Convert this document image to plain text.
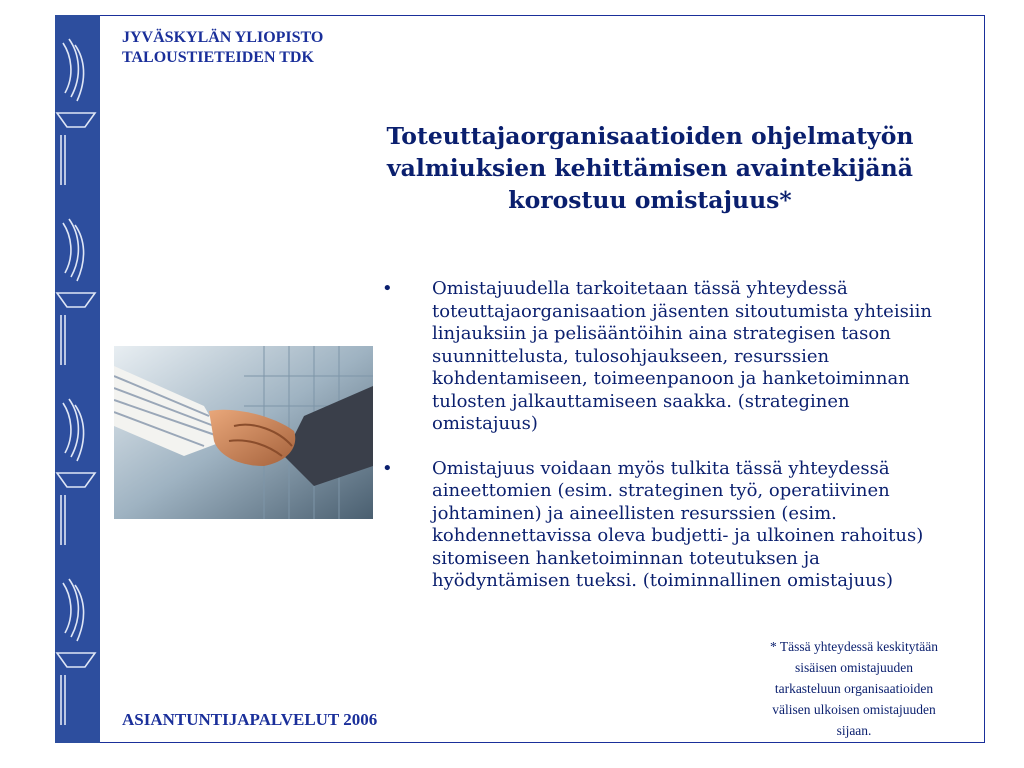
JYVÄSKYLÄN YLIOPISTO
TALOUSTIETEIDEN TDK
Toteuttajaorganisaatioiden ohjelmatyön
valmiuksien kehittämisen avaintekijänä
korostuu omistajuus*
• Omistajuudella tarkoitetaan tässä yhteydessä
toteuttajaorganisaation jäsenten sitoutumista yhteisiin
linjauksiin ja pelisääntöihin aina strategisen tason
suunnittelusta, tulosohjaukseen, resurssien
kohdentamiseen, toimeenpanoon ja hanketoiminnan
tulosten jalkauttamiseen saakka. (strateginen
omistajuus)
• Omistajuus voidaan myös tulkita tässä yhteydessä
aineettomien (esim. strateginen työ, operatiivinen
johtaminen) ja aineellisten resurssien (esim.
kohdennettavissa oleva budjetti- ja ulkoinen rahoitus)
sitomiseen hanketoiminnan toteutuksen ja
hyödyntämisen tueksi. (toiminnallinen omistajuus)
* Tässä yhteydessä keskitytään
sisäisen omistajuuden
tarkasteluun organisaatioiden
välisen ulkoisen omistajuuden
sijaan.
ASIANTUNTIJAPALVELUT 2006
